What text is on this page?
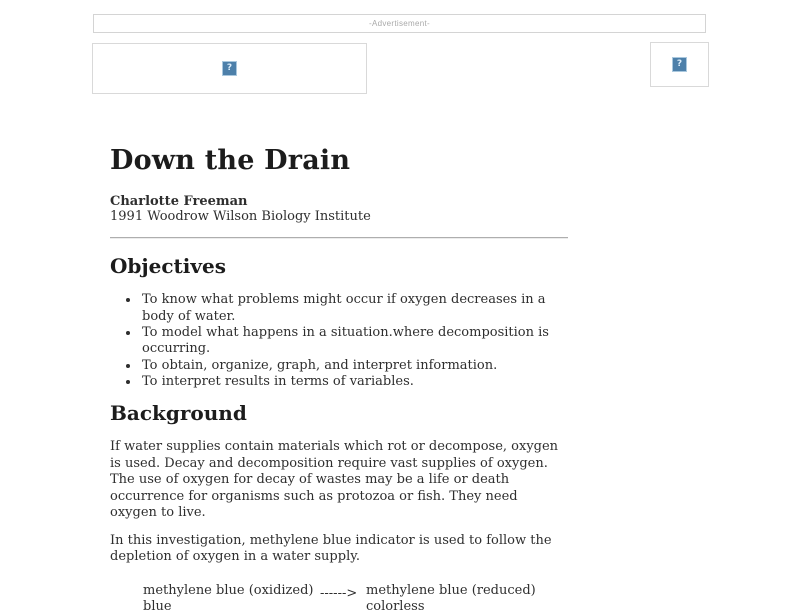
-Advertisement-
?	?
Down the Drain

Charlotte Freeman
1991 Woodrow Wilson Biology Institute

Objectives
• To know what problems might occur if oxygen decreases in a body of water.
• To model what happens in a situation.where decomposition is occurring.
• To obtain, organize, graph, and interpret information.
• To interpret results in terms of variables.
Background

If water supplies contain materials which rot or decompose, oxygen is used. Decay and decomposition require vast supplies of oxygen. The use of oxygen for decay of wastes may be a life or death occurrence for organisms such as protozoa or fish. They need oxygen to live.

In this investigation, methylene blue indicator is used to follow the depletion of oxygen in a water supply.

methylene blue (oxidized)
blue
------> methylene blue (reduced)
colorless
